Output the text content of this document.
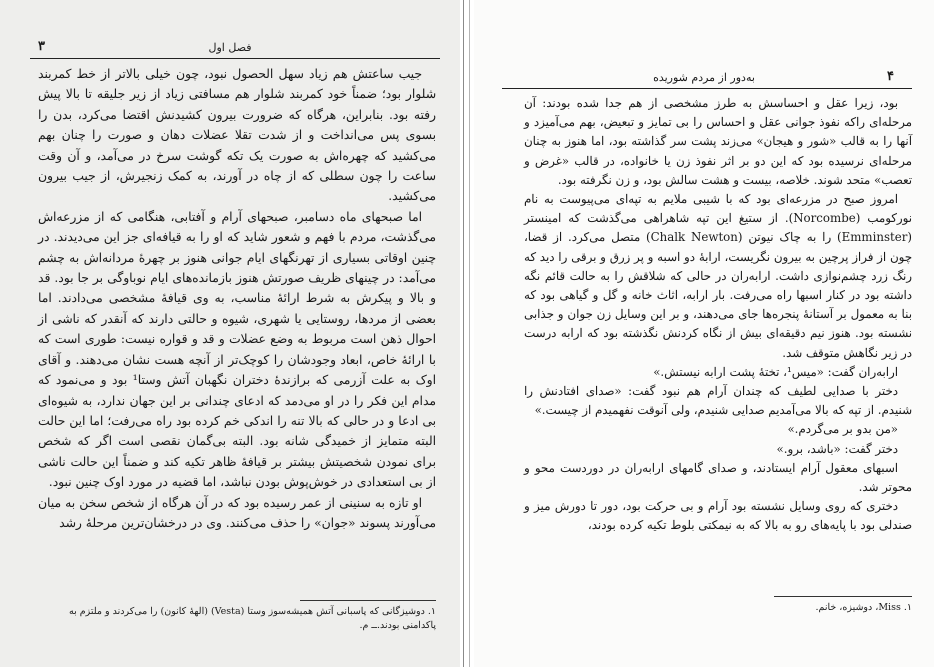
۳	فصل اول

جیب ساعتش هم زیاد سهل الحصول نبود، چون خیلی بالاتر از خط کمربند شلوار بود؛ ضمناً خود کمربند شلوار هم مسافتی زیاد از زیر جلیقه تا بالا پیش رفته بود. بنابراین، هرگاه که ضرورت بیرون کشیدنش اقتضا می‌کرد، بدن را بسوی پس می‌انداخت و از شدت تقلا عضلات دهان و صورت را چنان بهم می‌کشید که چهره‌اش به صورت یک تکه گوشت سرخ در می‌آمد، و آن وقت ساعت را چون سطلی که از چاه در آورند، به کمک زنجیرش، از جیب بیرون می‌کشید.

اما صبحهای ماه دسامبر، صبحهای آرام و آفتابی، هنگامی که از مزرعه‌اش می‌گذشت، مردم با فهم و شعور شاید که او را به قیافه‌ای جز این می‌دیدند. در چنین اوقاتی بسیاری از تهرنگهای ایام جوانی هنوز بر چهرهٔ مردانه‌اش به چشم می‌آمد: در چینهای ظریف صورتش هنوز بازمانده‌های ایام نوباوگی بر جا بود. قد و بالا و پیکرش به شرط ارائهٔ مناسب، به وی قیافهٔ مشخصی می‌دادند. اما بعضی از مردها، روستایی یا شهری، شیوه و حالتی دارند که آنقدر که ناشی از احوال ذهن است مربوط به وضع عضلات و قد و قواره نیست: طوری است که با ارائهٔ خاص، ابعاد وجودشان را کوچک‌تر از آنچه هست نشان می‌دهند. و آقای اوک به علت آزرمی که برازندهٔ دختران نگهبان آتش وستا¹ بود و می‌نمود که مدام این فکر را در او می‌دمد که ادعای چندانی بر این جهان ندارد، به شیوه‌ای بی ادعا و در حالی که بالا تنه را اندکی خم کرده بود راه می‌رفت؛ اما این حالت البته متمایز از خمیدگی شانه بود. البته بی‌گمان نقصی است اگر که شخص برای نمودن شخصیتش بیشتر بر قیافهٔ ظاهر تکیه کند و ضمناً این حالت ناشی از بی استعدادی در خوش‌پوش بودن نباشد، اما قضیه در مورد اوک چنین نبود.

او تازه به سنینی از عمر رسیده بود که در آن هرگاه از شخص سخن به میان می‌آورند پسوند «جوان» را حذف می‌کنند. وی در درخشان‌ترین مرحلهٔ رشد

۱. دوشیزگانی که پاسبانی آتش همیشه‌سوز وستا (Vesta) (الههٔ کانون) را می‌کردند و ملتزم به پاکدامنی بودند.ــ م.
۴
به‌دور از مردم شوریده

بود، زیرا عقل و احساسش به طرز مشخصی از هم جدا شده بودند: آن مرحله‌ای راکه نفوذ جوانی عقل و احساس را بی تمایز و تبعیض، بهم می‌آمیزد و آنها را به قالب «شور و هیجان» می‌زند پشت سر گذاشته بود، اما هنوز به چنان مرحله‌ای نرسیده بود که این دو بر اثر نفوذ زن یا خانواده، در قالب «غرض و تعصب» متحد شوند. خلاصه، بیست و هشت سالش بود، و زن نگرفته بود.

امروز صبح در مزرعه‌ای بود که با شیبی ملایم به تپه‌ای می‌پیوست به نام نورکومب (Norcombe). از ستیغ این تپه شاهراهی می‌گذشت که امینستر (Emminster) را به چاک نیوتن (Chalk Newton) متصل می‌کرد. از قضا، چون از فراز پرچین به بیرون نگریست، ارابهٔ دو اسبه و پر زرق و برقی را دید که رنگ زرد چشم‌نوازی داشت. ارابه‌ران در حالی که شلاقش را به حالت قائم نگه داشته بود در کنار اسبها راه می‌رفت. بار ارابه، اثاث خانه و گل و گیاهی بود که بنا به معمول بر آستانهٔ پنجره‌ها جای می‌دهند، و بر این وسایل زن جوان و جذابی نشسته بود. هنوز نیم دقیقه‌ای بیش از نگاه کردنش نگذشته بود که ارابه درست در زیر نگاهش متوقف شد.

ارابه‌ران گفت: «میس¹، تختهٔ پشت ارابه نیستش.»

دختر با صدایی لطیف که چندان آرام هم نبود گفت: «صدای افتادنش را شنیدم. از تپه که بالا می‌آمدیم صدایی شنیدم، ولی آنوقت نفهمیدم از چیست.»

«من بدو بر می‌گردم.»

دختر گفت: «باشد، برو.»

اسبهای معقول آرام ایستادند، و صدای گامهای ارابه‌ران در دوردست محو و محوتر شد.

دختری که روی وسایل نشسته بود آرام و بی حرکت بود، دور تا دورش میز و صندلی بود با پایه‌های رو به بالا که به نیمکتی بلوط تکیه کرده بودند،

۱. Miss، دوشیزه، خانم.
